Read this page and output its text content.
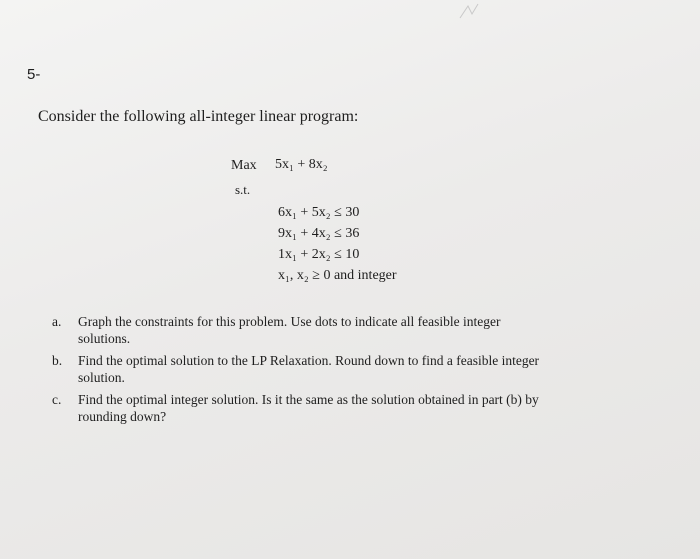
5-
Consider the following all-integer linear program:
Max 5x₁ + 8x₂
s.t.
6x₁ + 5x₂ ≤ 30
9x₁ + 4x₂ ≤ 36
1x₁ + 2x₂ ≤ 10
x₁, x₂ ≥ 0 and integer
a. Graph the constraints for this problem. Use dots to indicate all feasible integer
solutions.
b. Find the optimal solution to the LP Relaxation. Round down to find a feasible integer
solution.
c. Find the optimal integer solution. Is it the same as the solution obtained in part (b) by
rounding down?
